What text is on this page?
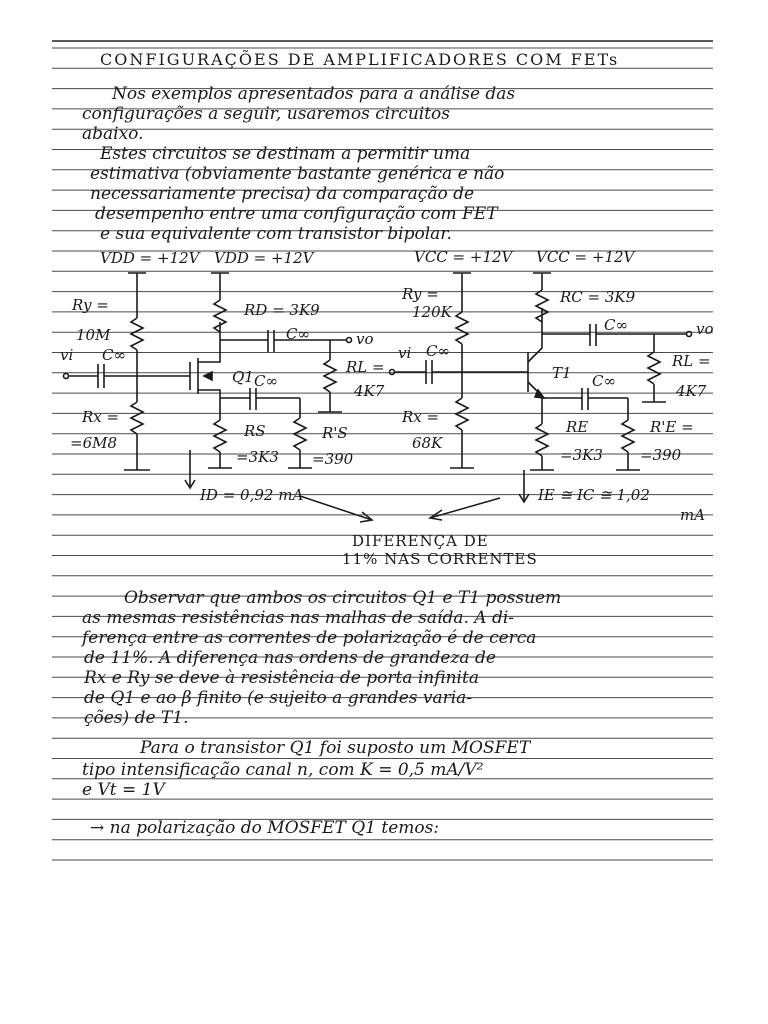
CONFIGURAÇÕES DE AMPLIFICADORES COM FETs
Nos exemplos apresentados para a análise das
configurações a seguir, usaremos circuitos
abaixo.
Estes circuitos se destinam a permitir uma
estimativa (obviamente bastante genérica e não
necessariamente precisa) da comparação de
desempenho entre uma configuração com FET
e sua equivalente com transistor bipolar.
VDD = +12V VDD = +12V
Ry =
10M
vi C∞
RD = 3K9
C∞	vo
Q1 C∞
RL =
4K7
Rx =
=6M8
RS
=3K3
R'S
=390
ID = 0,92 mA
VCC = +12V VCC = +12V
Ry =
120K
vi C∞
RC = 3K9
C∞	vo
T1 C∞
RL =
4K7
Rx =
68K
RE
=3K3
R'E =
=390
IE ≅ IC ≅ 1,02
mA
DIFERENÇA DE
11% NAS CORRENTES
Observar que ambos os circuitos Q1 e T1 possuem
as mesmas resistências nas malhas de saída. A di-
ferença entre as correntes de polarização é de cerca
de 11%. A diferença nas ordens de grandeza de
Rx e Ry se deve à resistência de porta infinita
de Q1 e ao β finito (e sujeito a grandes varia-
ções) de T1.
Para o transistor Q1 foi suposto um MOSFET
tipo intensificação canal n, com K = 0,5 mA/V²
e Vt = 1V
→ na polarização do MOSFET Q1 temos:
